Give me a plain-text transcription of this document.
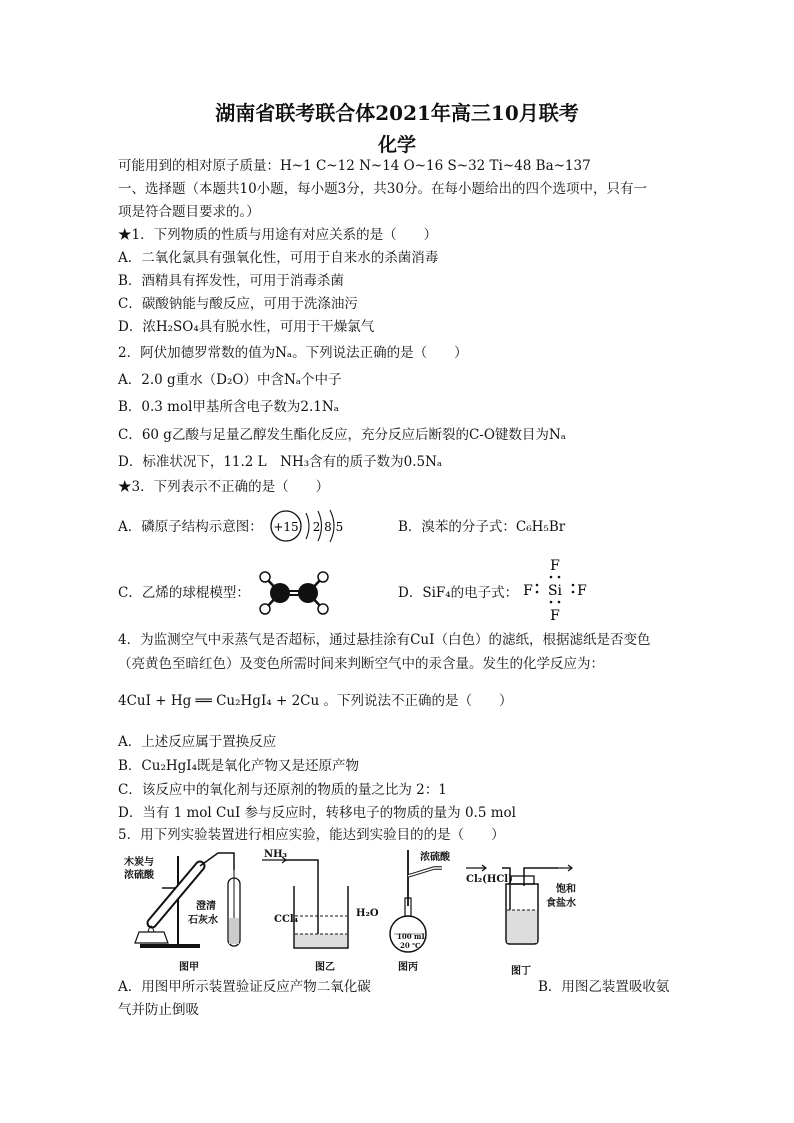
湖南省联考联合体2021年高三10月联考
化学
可能用到的相对原子质量：H~1 C~12 N~14 O~16 S~32 Ti~48 Ba~137
一、选择题（本题共10小题，每小题3分，共30分。在每小题给出的四个选项中，只有一
项是符合题目要求的。）
★1．下列物质的性质与用途有对应关系的是（　　）
A．二氧化氯具有强氧化性，可用于自来水的杀菌消毒
B．酒精具有挥发性，可用于消毒杀菌
C．碳酸钠能与酸反应，可用于洗涤油污
D．浓H₂SO₄具有脱水性，可用于干燥氯气
2．阿伏加德罗常数的值为Nₐ。下列说法正确的是（　　）
A．2.0 g重水（D₂O）中含Nₐ个中子
B．0.3 mol甲基所含电子数为2.1Nₐ
C．60 g乙酸与足量乙醇发生酯化反应，充分反应后断裂的C-O键数目为Nₐ
D．标准状况下，11.2 L　NH₃含有的质子数为0.5Nₐ
★3．下列表示不正确的是（　　）
A．磷原子结构示意图： +15 2 8 5	B．溴苯的分子式：C₆H₅Br
C．乙烯的球棍模型：	D．SiF₄的电子式：
F
Si
F	F
F
4．为监测空气中汞蒸气是否超标，通过悬挂涂有CuI（白色）的滤纸，根据滤纸是否变色
（亮黄色至暗红色）及变色所需时间来判断空气中的汞含量。发生的化学反应为：
4CuI + Hg ══ Cu₂HgI₄ + 2Cu 。下列说法不正确的是（　　）
A．上述反应属于置换反应
B．Cu₂HgI₄既是氧化产物又是还原产物
C．该反应中的氧化剂与还原剂的物质的量之比为 2：1
D．当有 1 mol CuI 参与反应时，转移电子的物质的量为 0.5 mol
5．用下列实验装置进行相应实验，能达到实验目的的是（　　）
木炭与
浓硫酸
澄清
石灰水
图甲
NH₃
CCl₄
H₂O
图乙
浓硫酸
100 mL
20 ℃
图丙
Cl₂(HCl)
饱和
食盐水
图丁
A．用图甲所示装置验证反应产物二氧化碳	B．用图乙装置吸收氨
气并防止倒吸
